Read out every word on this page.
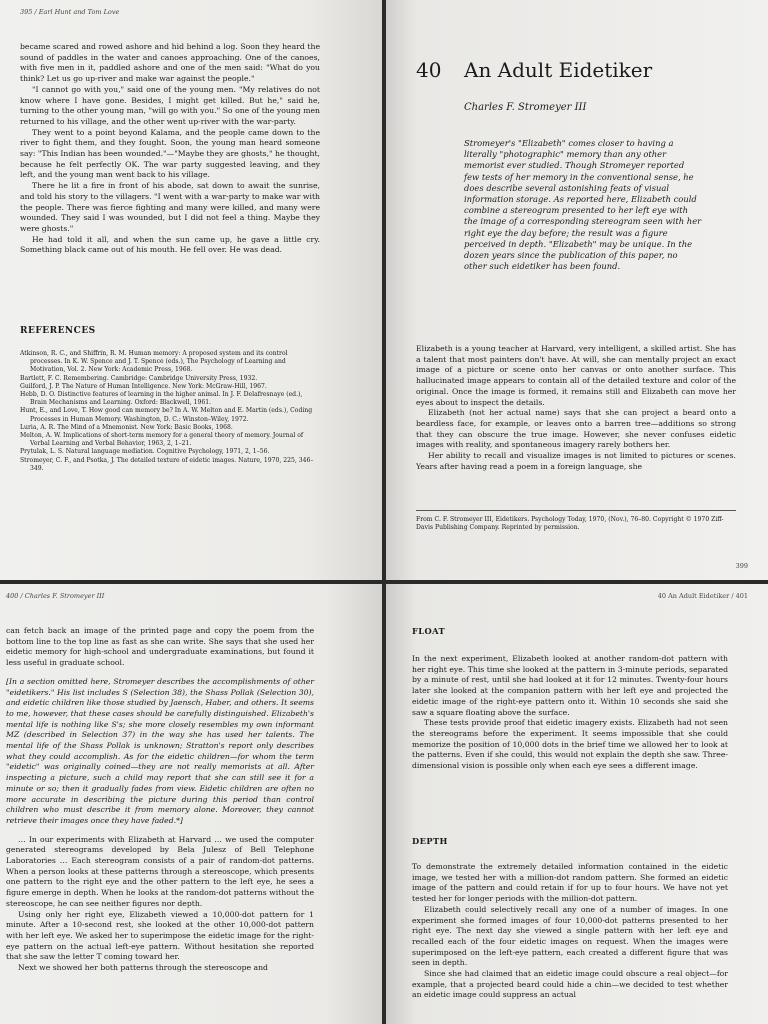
395 / Earl Hunt and Tom Love

became scared and rowed ashore and hid behind a log. Soon they heard the sound of paddles in the water and canoes approaching. One of the canoes, with five men in it, paddled ashore and one of the men said: "What do you think? Let us go up-river and make war against the people."

"I cannot go with you," said one of the young men. "My relatives do not know where I have gone. Besides, I might get killed. But he," said he, turning to the other young man, "will go with you." So one of the young men returned to his village, and the other went up-river with the war-party.

They went to a point beyond Kalama, and the people came down to the river to fight them, and they fought. Soon, the young man heard someone say: "This Indian has been wounded."—"Maybe they are ghosts," he thought, because he felt perfectly OK. The war party suggested leaving, and they left, and the young man went back to his village.

There he lit a fire in front of his abode, sat down to await the sunrise, and told his story to the villagers. "I went with a war-party to make war with the people. There was fierce fighting and many were killed, and many were wounded. They said I was wounded, but I did not feel a thing. Maybe they were ghosts."

He had told it all, and when the sun came up, he gave a little cry. Something black came out of his mouth. He fell over. He was dead.

REFERENCES
Atkinson, R. C., and Shiffrin, R. M. Human memory: A proposed system and its control processes. In K. W. Spence and J. T. Spence (eds.), The Psychology of Learning and Motivation, Vol. 2. New York: Academic Press, 1968.
Bartlett, F. C. Remembering. Cambridge: Cambridge University Press, 1932.
Guilford, J. P. The Nature of Human Intelligence. New York: McGraw-Hill, 1967.
Hebb, D. O. Distinctive features of learning in the higher animal. In J. F. Delafresnaye (ed.), Brain Mechanisms and Learning. Oxford: Blackwell, 1961.
Hunt, E., and Love, T. How good can memory be? In A. W. Melton and E. Martin (eds.), Coding Processes in Human Memory. Washington, D. C.: Winston–Wiley, 1972.
Luria, A. R. The Mind of a Mnemonist. New York: Basic Books, 1968.
Melton, A. W. Implications of short-term memory for a general theory of memory. Journal of Verbal Learning and Verbal Behavior, 1963, 2, 1–21.
Prytulak, L. S. Natural language mediation. Cognitive Psychology, 1971, 2, 1–56.
Stromeyer, C. F., and Psotka, J. The detailed texture of eidetic images. Nature, 1970, 225, 346–349.
40 An Adult Eidetiker
Charles F. Stromeyer III
Stromeyer's "Elizabeth" comes closer to having a literally "photographic" memory than any other memorist ever studied. Though Stromeyer reported few tests of her memory in the conventional sense, he does describe several astonishing feats of visual information storage. As reported here, Elizabeth could combine a stereogram presented to her left eye with the image of a corresponding stereogram seen with her right eye the day before; the result was a figure perceived in depth. "Elizabeth" may be unique. In the dozen years since the publication of this paper, no other such eidetiker has been found.

Elizabeth is a young teacher at Harvard, very intelligent, a skilled artist. She has a talent that most painters don't have. At will, she can mentally project an exact image of a picture or scene onto her canvas or onto another surface. This hallucinated image appears to contain all of the detailed texture and color of the original. Once the image is formed, it remains still and Elizabeth can move her eyes about to inspect the details.

Elizabeth (not her actual name) says that she can project a beard onto a beardless face, for example, or leaves onto a barren tree—additions so strong that they can obscure the true image. However, she never confuses eidetic images with reality, and spontaneous imagery rarely bothers her.

Her ability to recall and visualize images is not limited to pictures or scenes. Years after having read a poem in a foreign language, she

From C. F. Stromeyer III, Eidetikers. Psychology Today, 1970, (Nov.), 76–80. Copyright © 1970 Ziff-Davis Publishing Company. Reprinted by permission.
399
400 / Charles F. Stromeyer III

can fetch back an image of the printed page and copy the poem from the bottom line to the top line as fast as she can write. She says that she used her eidetic memory for high-school and undergraduate examinations, but found it less useful in graduate school.

[In a section omitted here, Stromeyer describes the accomplishments of other "eidetikers." His list includes S (Selection 38), the Shass Pollak (Selection 30), and eidetic children like those studied by Jaensch, Haber, and others. It seems to me, however, that these cases should be carefully distinguished. Elizabeth's mental life is nothing like S's; she more closely resembles my own informant MZ (described in Selection 37) in the way she has used her talents. The mental life of the Shass Pollak is unknown; Stratton's report only describes what they could accomplish. As for the eidetic children—for whom the term "eidetic" was originally coined—they are not really memorists at all. After inspecting a picture, such a child may report that she can still see it for a minute or so; then it gradually fades from view. Eidetic children are often no more accurate in describing the picture during this period than control children who must describe it from memory alone. Moreover, they cannot retrieve their images once they have faded.*]

… In our experiments with Elizabeth at Harvard … we used the computer generated stereograms developed by Bela Julesz of Bell Telephone Laboratories … Each stereogram consists of a pair of random-dot patterns. When a person looks at these patterns through a stereoscope, which presents one pattern to the right eye and the other pattern to the left eye, he sees a figure emerge in depth. When he looks at the random-dot patterns without the stereoscope, he can see neither figures nor depth.

Using only her right eye, Elizabeth viewed a 10,000-dot pattern for 1 minute. After a 10-second rest, she looked at the other 10,000-dot pattern with her left eye. We asked her to superimpose the eidetic image for the right-eye pattern on the actual left-eye pattern. Without hesitation she reported that she saw the letter T coming toward her.

Next we showed her both patterns through the stereoscope and

40 An Adult Eidetiker / 401
FLOAT

In the next experiment, Elizabeth looked at another random-dot pattern with her right eye. This time she looked at the pattern in 3-minute periods, separated by a minute of rest, until she had looked at it for 12 minutes. Twenty-four hours later she looked at the companion pattern with her left eye and projected the eidetic image of the right-eye pattern onto it. Within 10 seconds she said she saw a square floating above the surface.

These tests provide proof that eidetic imagery exists. Elizabeth had not seen the stereograms before the experiment. It seems impossible that she could memorize the position of 10,000 dots in the brief time we allowed her to look at the patterns. Even if she could, this would not explain the depth she saw. Three-dimensional vision is possible only when each eye sees a different image.

DEPTH

To demonstrate the extremely detailed information contained in the eidetic image, we tested her with a million-dot random pattern. She formed an eidetic image of the pattern and could retain if for up to four hours. We have not yet tested her for longer periods with the million-dot pattern.

Elizabeth could selectively recall any one of a number of images. In one experiment she formed images of four 10,000-dot patterns presented to her right eye. The next day she viewed a single pattern with her left eye and recalled each of the four eidetic images on request. When the images were superimposed on the left-eye pattern, each created a different figure that was seen in depth.

Since she had claimed that an eidetic image could obscure a real object—for example, that a projected beard could hide a chin—we decided to test whether an eidetic image could suppress an actual
